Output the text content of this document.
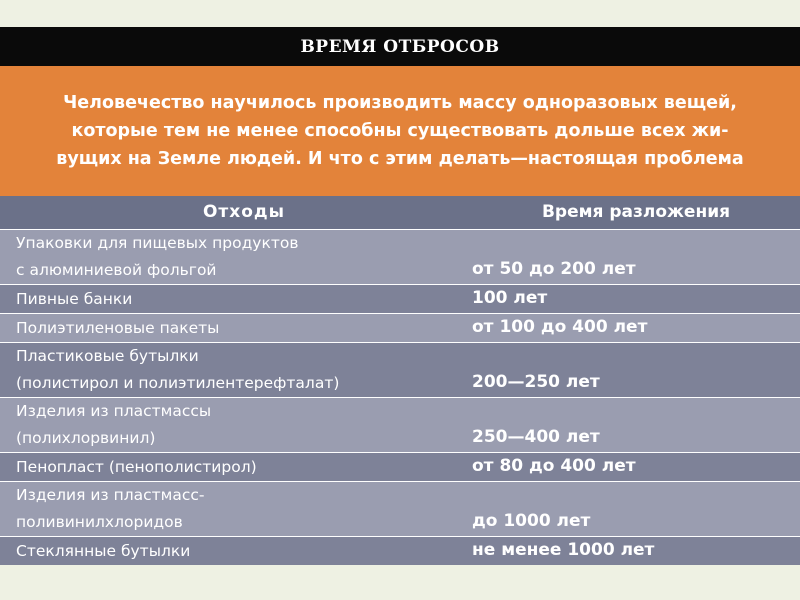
ВРЕМЯ ОТБРОСОВ
Человечество научилось производить массу одноразовых вещей,
которые тем не менее способны существовать дольше всех жи-
вущих на Земле людей. И что с этим делать—настоящая проблема
Отходы	Время разложения
Упаковки для пищевых продуктов
с алюминиевой фольгой	от 50 до 200 лет
Пивные банки	100 лет
Полиэтиленовые пакеты	от 100 до 400 лет
Пластиковые бутылки
(полистирол и полиэтилентерефталат)	200—250 лет
Изделия из пластмассы
(полихлорвинил)	250—400 лет
Пенопласт (пенополистирол)	от 80 до 400 лет
Изделия из пластмасс-
поливинилхлоридов	до 1000 лет
Стеклянные бутылки	не менее 1000 лет
